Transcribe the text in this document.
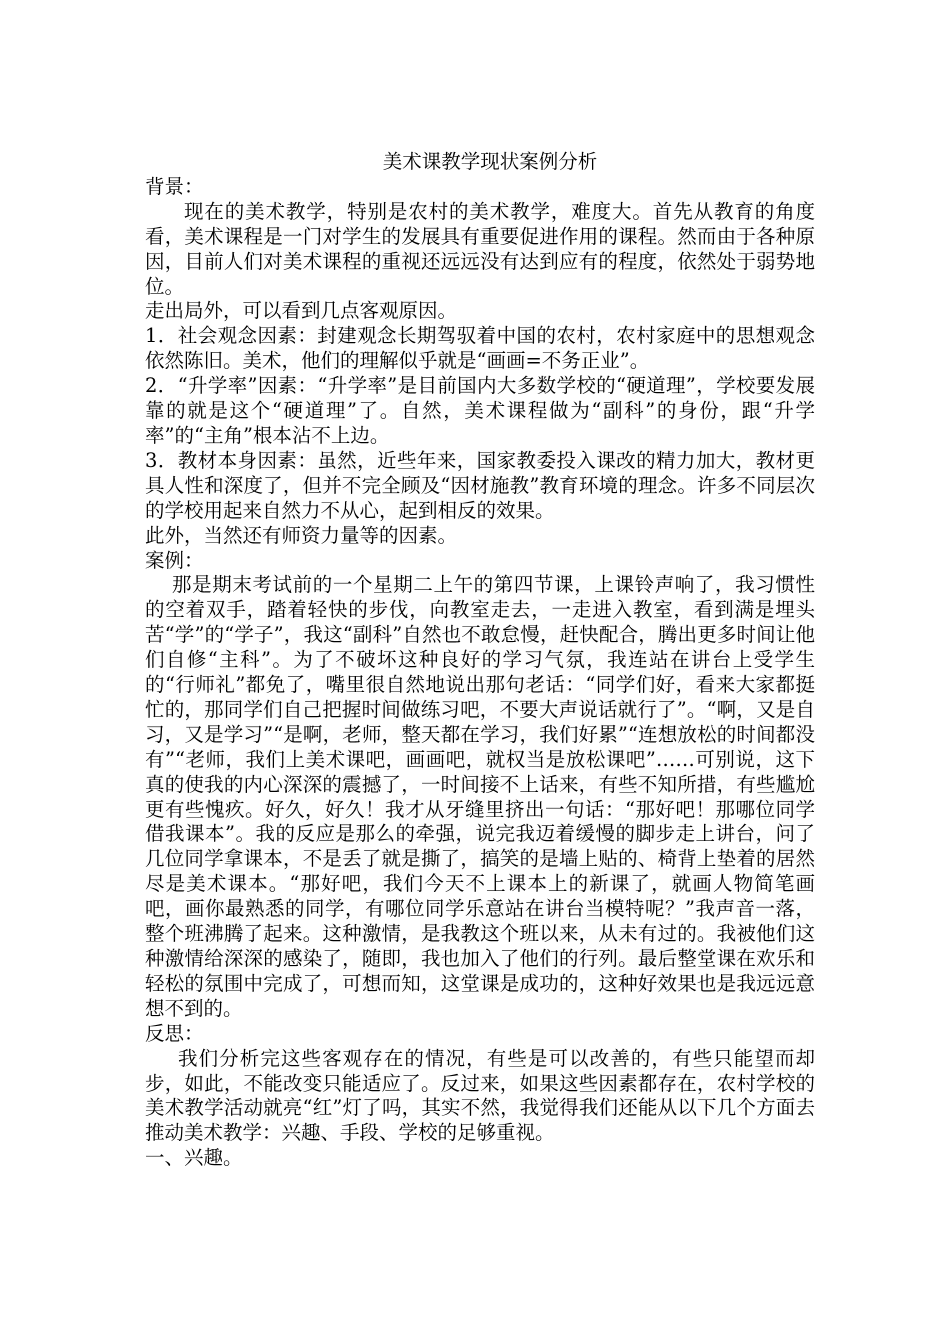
美术课教学现状案例分析

背景：

现在的美术教学，特别是农村的美术教学，难度大。首先从教育的角度看，美术课程是一门对学生的发展具有重要促进作用的课程。然而由于各种原因，目前人们对美术课程的重视还远远没有达到应有的程度，依然处于弱势地位。

走出局外，可以看到几点客观原因。

1．社会观念因素：封建观念长期驾驭着中国的农村，农村家庭中的思想观念依然陈旧。美术，他们的理解似乎就是“画画=不务正业”。

2．“升学率”因素：“升学率”是目前国内大多数学校的“硬道理”，学校要发展靠的就是这个“硬道理”了。自然，美术课程做为“副科”的身份，跟“升学率”的“主角”根本沾不上边。

3．教材本身因素：虽然，近些年来，国家教委投入课改的精力加大，教材更具人性和深度了，但并不完全顾及“因材施教”教育环境的理念。许多不同层次的学校用起来自然力不从心，起到相反的效果。

此外，当然还有师资力量等的因素。

案例：

那是期末考试前的一个星期二上午的第四节课，上课铃声响了，我习惯性的空着双手，踏着轻快的步伐，向教室走去，一走进入教室，看到满是埋头苦“学”的“学子”，我这“副科”自然也不敢怠慢，赶快配合，腾出更多时间让他们自修“主科”。为了不破坏这种良好的学习气氛，我连站在讲台上受学生的“行师礼”都免了，嘴里很自然地说出那句老话：“同学们好，看来大家都挺忙的，那同学们自己把握时间做练习吧，不要大声说话就行了”。“啊，又是自习，又是学习”“是啊，老师，整天都在学习，我们好累”“连想放松的时间都没有”“老师，我们上美术课吧，画画吧，就权当是放松课吧”……可别说，这下真的使我的内心深深的震撼了，一时间接不上话来，有些不知所措，有些尴尬更有些愧疚。好久，好久！我才从牙缝里挤出一句话：“那好吧！那哪位同学借我课本”。我的反应是那么的牵强，说完我迈着缓慢的脚步走上讲台，问了几位同学拿课本，不是丢了就是撕了，搞笑的是墙上贴的、椅背上垫着的居然尽是美术课本。“那好吧，我们今天不上课本上的新课了，就画人物简笔画吧，画你最熟悉的同学，有哪位同学乐意站在讲台当模特呢？”我声音一落，整个班沸腾了起来。这种激情，是我教这个班以来，从未有过的。我被他们这种激情给深深的感染了，随即，我也加入了他们的行列。最后整堂课在欢乐和轻松的氛围中完成了，可想而知，这堂课是成功的，这种好效果也是我远远意想不到的。

反思：

我们分析完这些客观存在的情况，有些是可以改善的，有些只能望而却步，如此，不能改变只能适应了。反过来，如果这些因素都存在，农村学校的美术教学活动就亮“红”灯了吗，其实不然，我觉得我们还能从以下几个方面去推动美术教学：兴趣、手段、学校的足够重视。

一、兴趣。
